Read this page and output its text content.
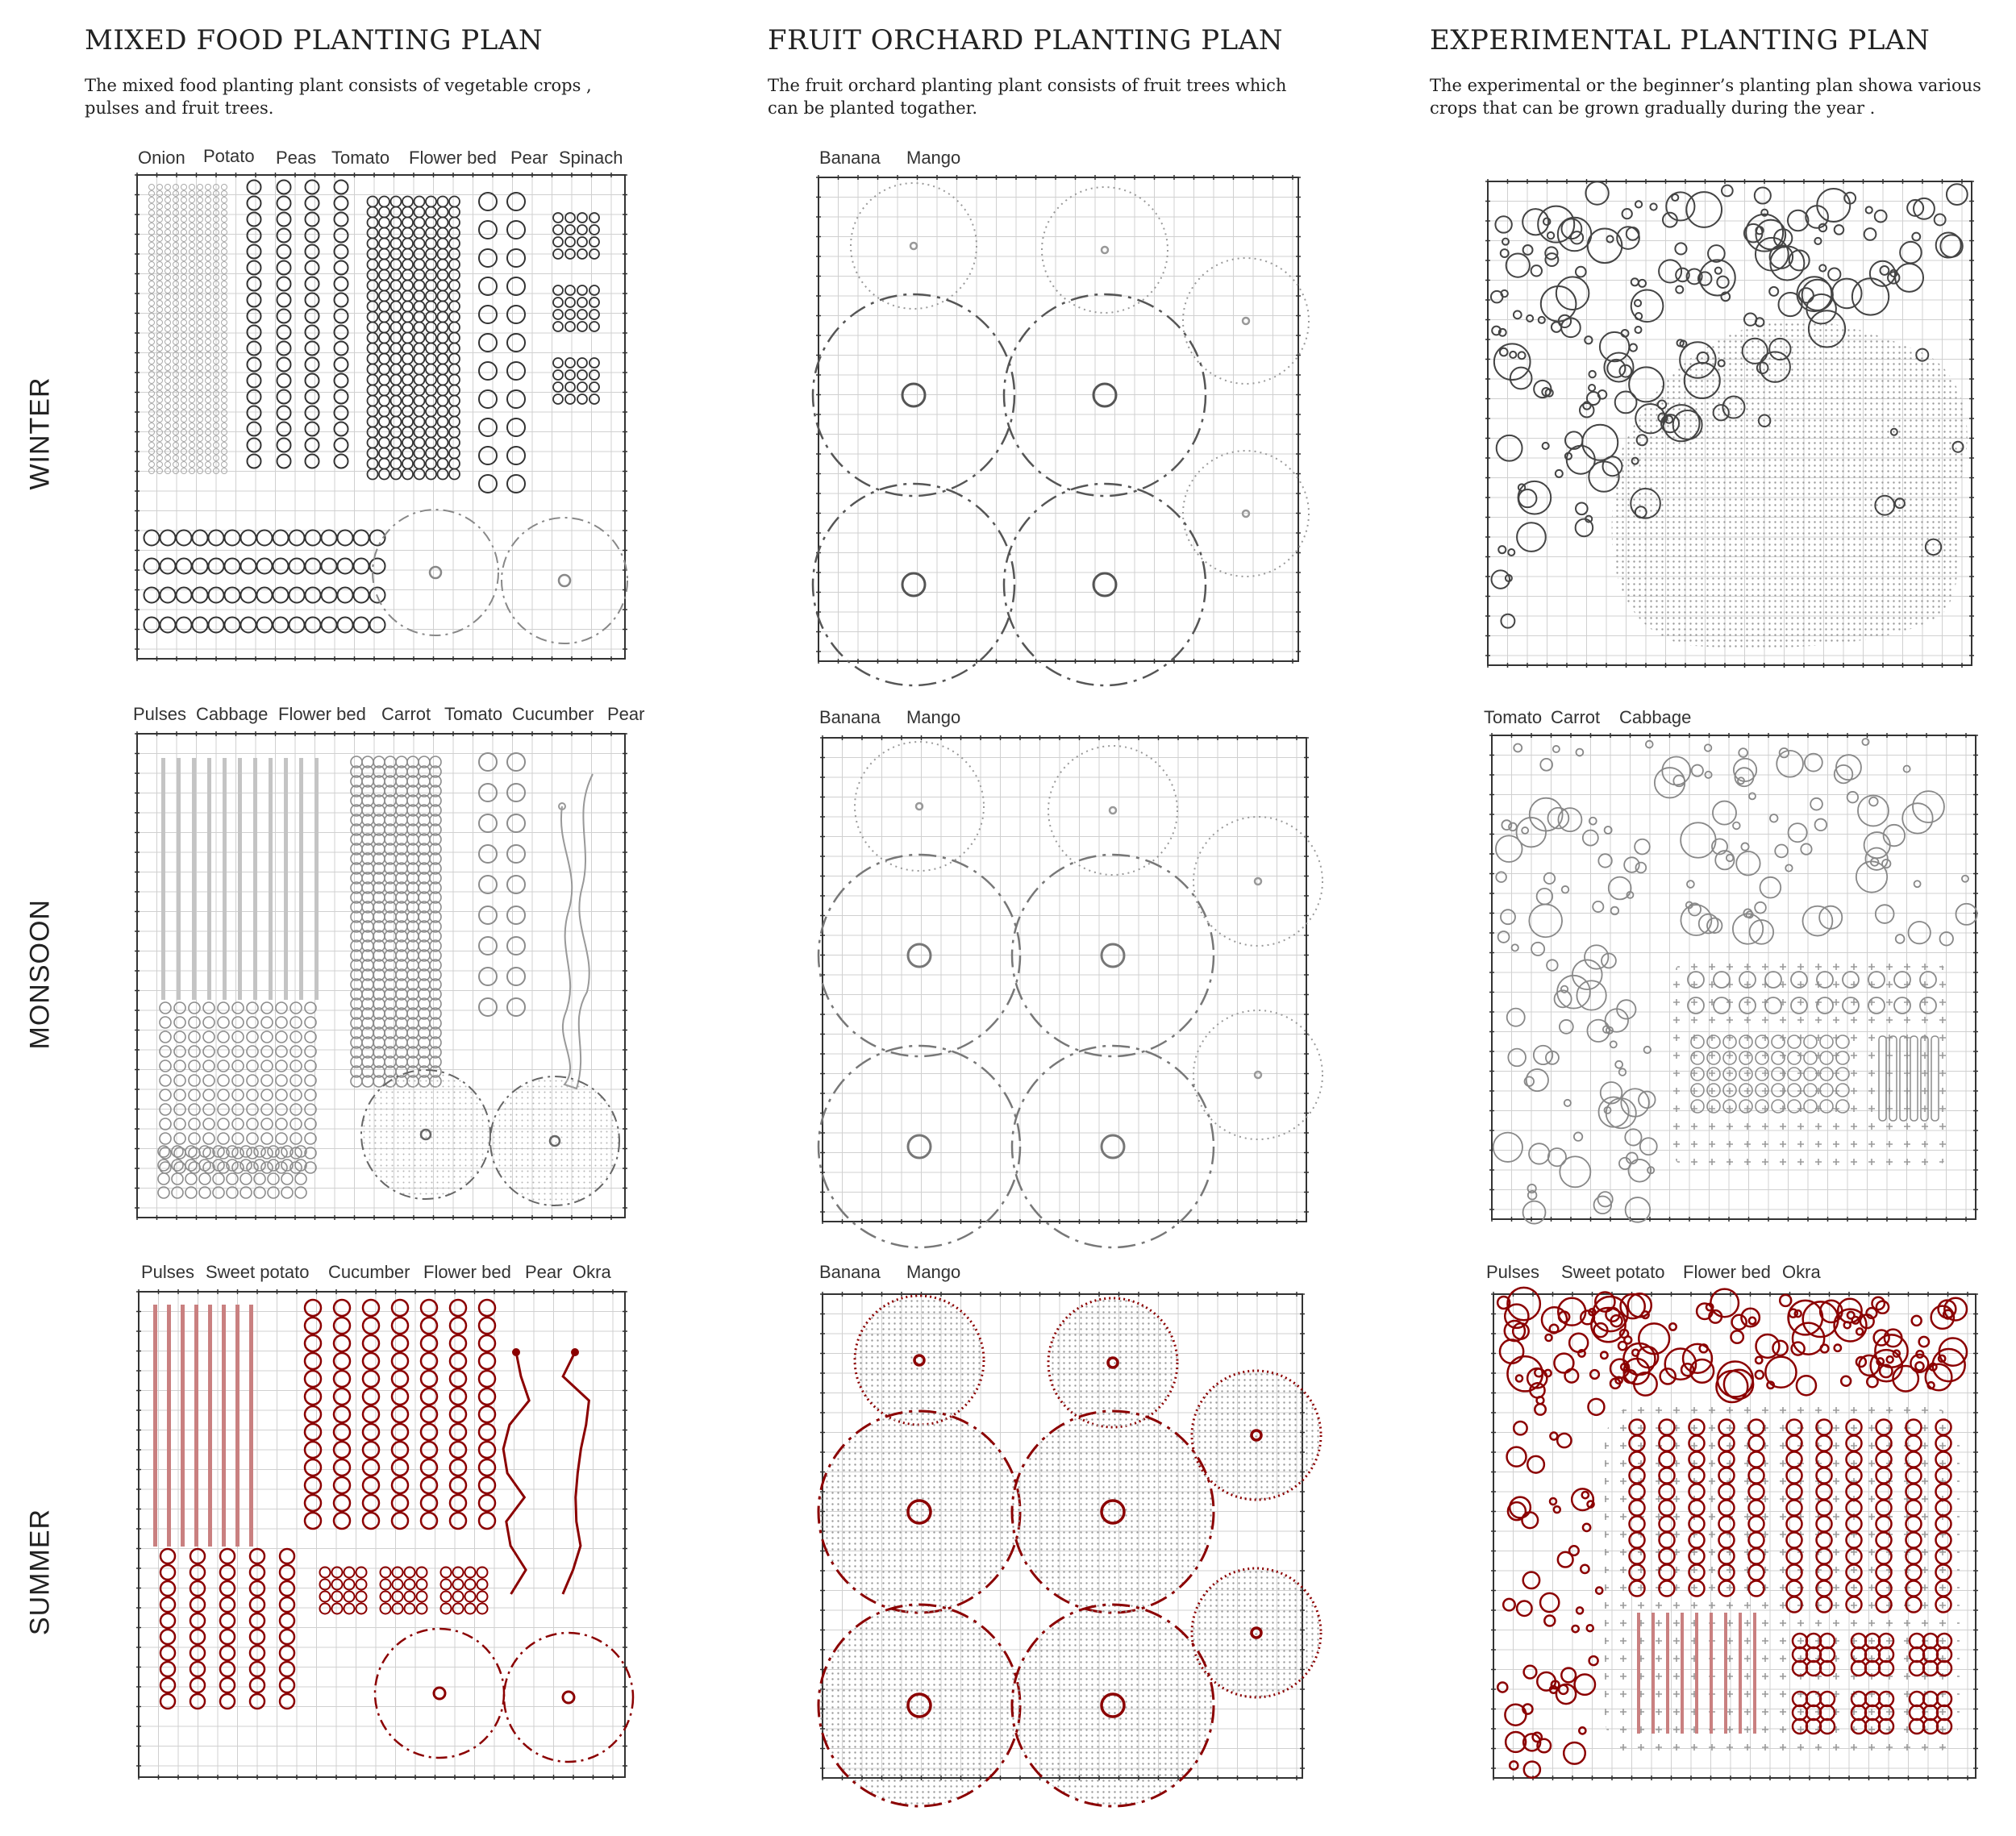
MIXED FOOD PLANTING PLAN
The mixed food planting plant consists of vegetable crops ,
pulses and fruit trees.
FRUIT ORCHARD PLANTING PLAN
The fruit orchard planting plant consists of fruit trees which
can be planted togather.
EXPERIMENTAL PLANTING PLAN
The experimental or the beginner’s planting plan showa various
crops that can be grown gradually during the year .
WINTER
MONSOON
SUMMER
Onion Potato Peas Tomato Flower bed Pear Spinach	Banana Mango
Pulses Cabbage Flower bed Carrot Tomato Cucumber Pear	Banana Mango	Tomato Carrot Cabbage
Pulses Sweet potato Cucumber Flower bed Pear Okra	Banana Mango	Pulses Sweet potato Flower bed Okra
